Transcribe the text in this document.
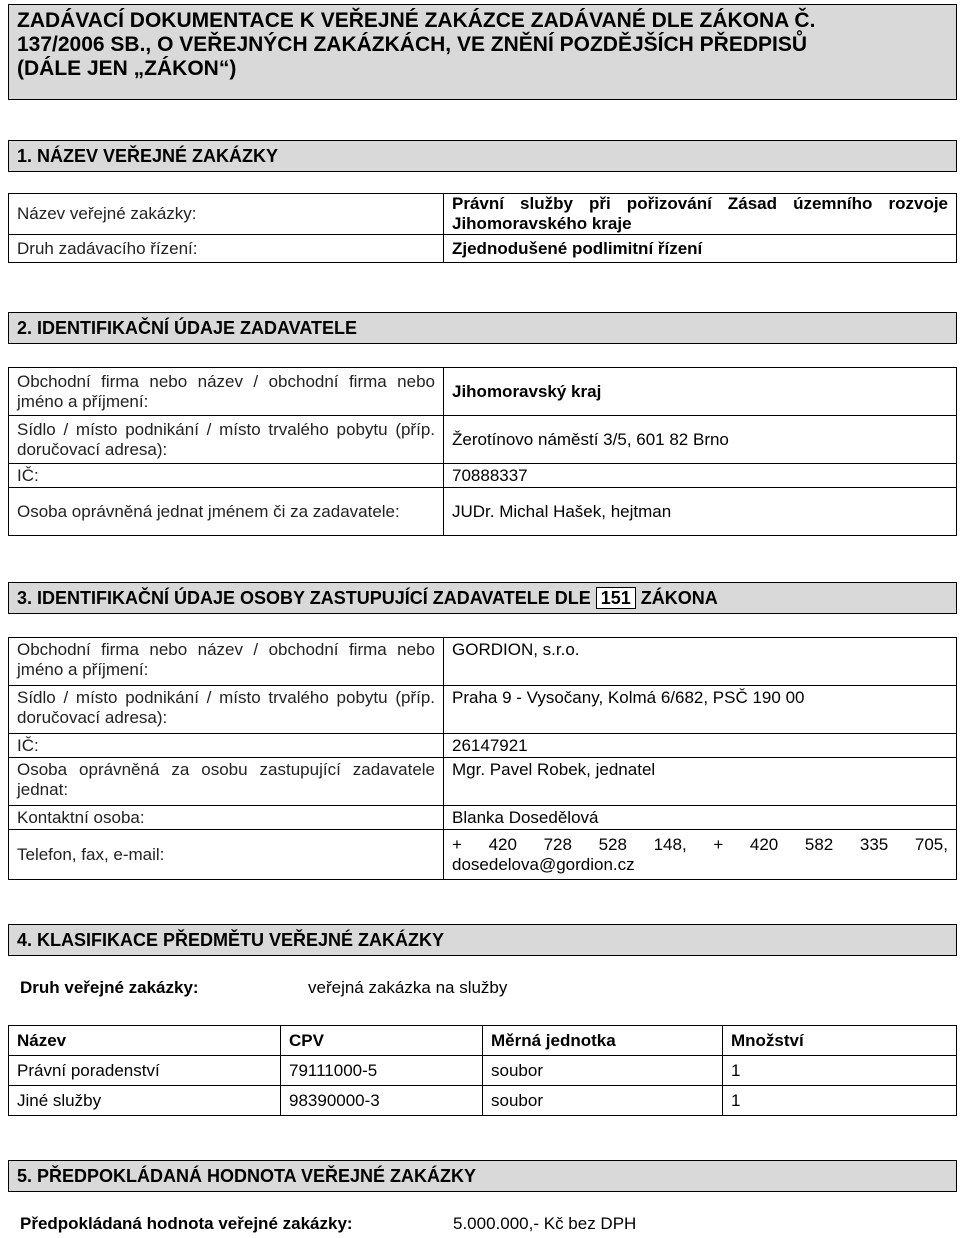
ZADÁVACÍ DOKUMENTACE K VEŘEJNÉ ZAKÁZCE ZADÁVANÉ DLE ZÁKONA Č.
137/2006 SB., O VEŘEJNÝCH ZAKÁZKÁCH, VE ZNĚNÍ POZDĚJŠÍCH PŘEDPISŮ
(DÁLE JEN „ZÁKON“)
1. NÁZEV VEŘEJNÉ ZAKÁZKY
Název veřejné zakázky:	Právní služby při pořizování Zásad územního rozvoje Jihomoravského kraje
Druh zadávacího řízení:	Zjednodušené podlimitní řízení
2. IDENTIFIKAČNÍ ÚDAJE ZADAVATELE
Obchodní firma nebo název / obchodní firma nebo jméno a příjmení:	Jihomoravský kraj
Sídlo / místo podnikání / místo trvalého pobytu (příp. doručovací adresa):	Žerotínovo náměstí 3/5, 601 82 Brno
IČ:	70888337
Osoba oprávněná jednat jménem či za zadavatele:	JUDr. Michal Hašek, hejtman
3. IDENTIFIKAČNÍ ÚDAJE OSOBY ZASTUPUJÍCÍ ZADAVATELE DLE 151 ZÁKONA
Obchodní firma nebo název / obchodní firma nebo jméno a příjmení:	GORDION, s.r.o.
Sídlo / místo podnikání / místo trvalého pobytu (příp. doručovací adresa):	Praha 9 - Vysočany, Kolmá 6/682, PSČ 190 00
IČ:	26147921
Osoba oprávněná za osobu zastupující zadavatele jednat:	Mgr. Pavel Robek, jednatel
Kontaktní osoba:	Blanka Dosedělová
Telefon, fax, e-mail:	+ 420 728 528 148, + 420 582 335 705, dosedelova@gordion.cz
4. KLASIFIKACE PŘEDMĚTU VEŘEJNÉ ZAKÁZKY
Druh veřejné zakázky:	veřejná zakázka na služby
Název	CPV	Měrná jednotka	Množství
Právní poradenství	79111000-5	soubor	1
Jiné služby	98390000-3	soubor	1
5. PŘEDPOKLÁDANÁ HODNOTA VEŘEJNÉ ZAKÁZKY
Předpokládaná hodnota veřejné zakázky:	5.000.000,- Kč bez DPH
